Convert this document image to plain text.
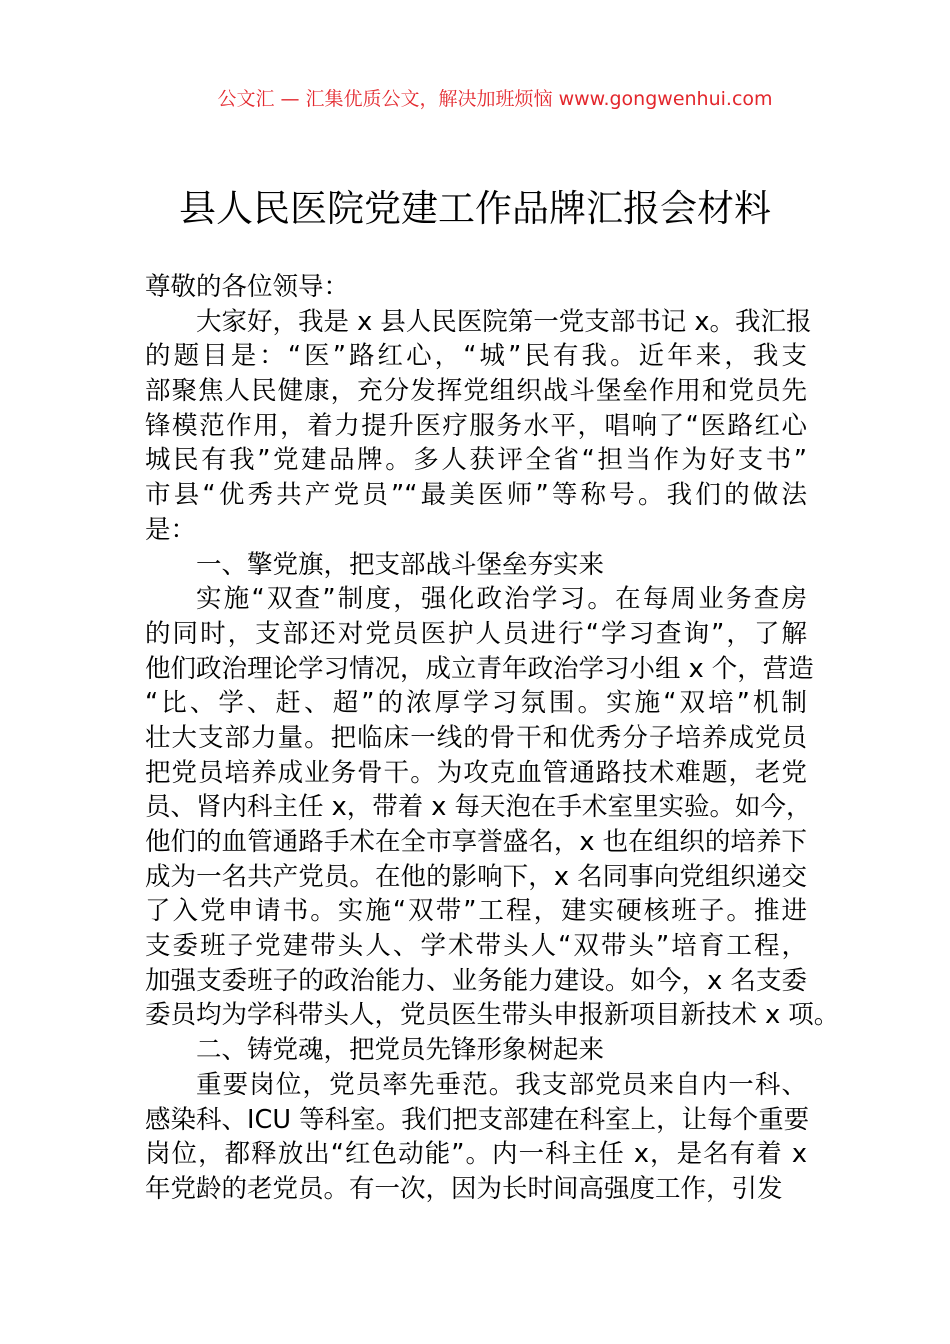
公文汇 — 汇集优质公文，解决加班烦恼 www.gongwenhui.com
县人民医院党建工作品牌汇报会材料
尊敬的各位领导：
大家好，我是 x 县人民医院第一党支部书记 x。我汇报
的题目是：“医”路红心，“城”民有我。近年来，我支
部聚焦人民健康，充分发挥党组织战斗堡垒作用和党员先
锋模范作用，着力提升医疗服务水平，唱响了“医路红心
城民有我”党建品牌。多人获评全省“担当作为好支书”
市县“优秀共产党员”“最美医师”等称号。我们的做法
是：
一、擎党旗，把支部战斗堡垒夯实来
实施“双查”制度，强化政治学习。在每周业务查房
的同时，支部还对党员医护人员进行“学习查询”，了解
他们政治理论学习情况，成立青年政治学习小组 x 个，营造
“比、学、赶、超”的浓厚学习氛围。实施“双培”机制
壮大支部力量。把临床一线的骨干和优秀分子培养成党员
把党员培养成业务骨干。为攻克血管通路技术难题，老党
员、肾内科主任 x，带着 x 每天泡在手术室里实验。如今，
他们的血管通路手术在全市享誉盛名，x 也在组织的培养下
成为一名共产党员。在他的影响下，x 名同事向党组织递交
了入党申请书。实施“双带”工程，建实硬核班子。推进
支委班子党建带头人、学术带头人“双带头”培育工程，
加强支委班子的政治能力、业务能力建设。如今，x 名支委
委员均为学科带头人，党员医生带头申报新项目新技术 x 项。
二、铸党魂，把党员先锋形象树起来
重要岗位，党员率先垂范。我支部党员来自内一科、
感染科、ICU 等科室。我们把支部建在科室上，让每个重要
岗位，都释放出“红色动能”。内一科主任 x，是名有着 x
年党龄的老党员。有一次，因为长时间高强度工作，引发
